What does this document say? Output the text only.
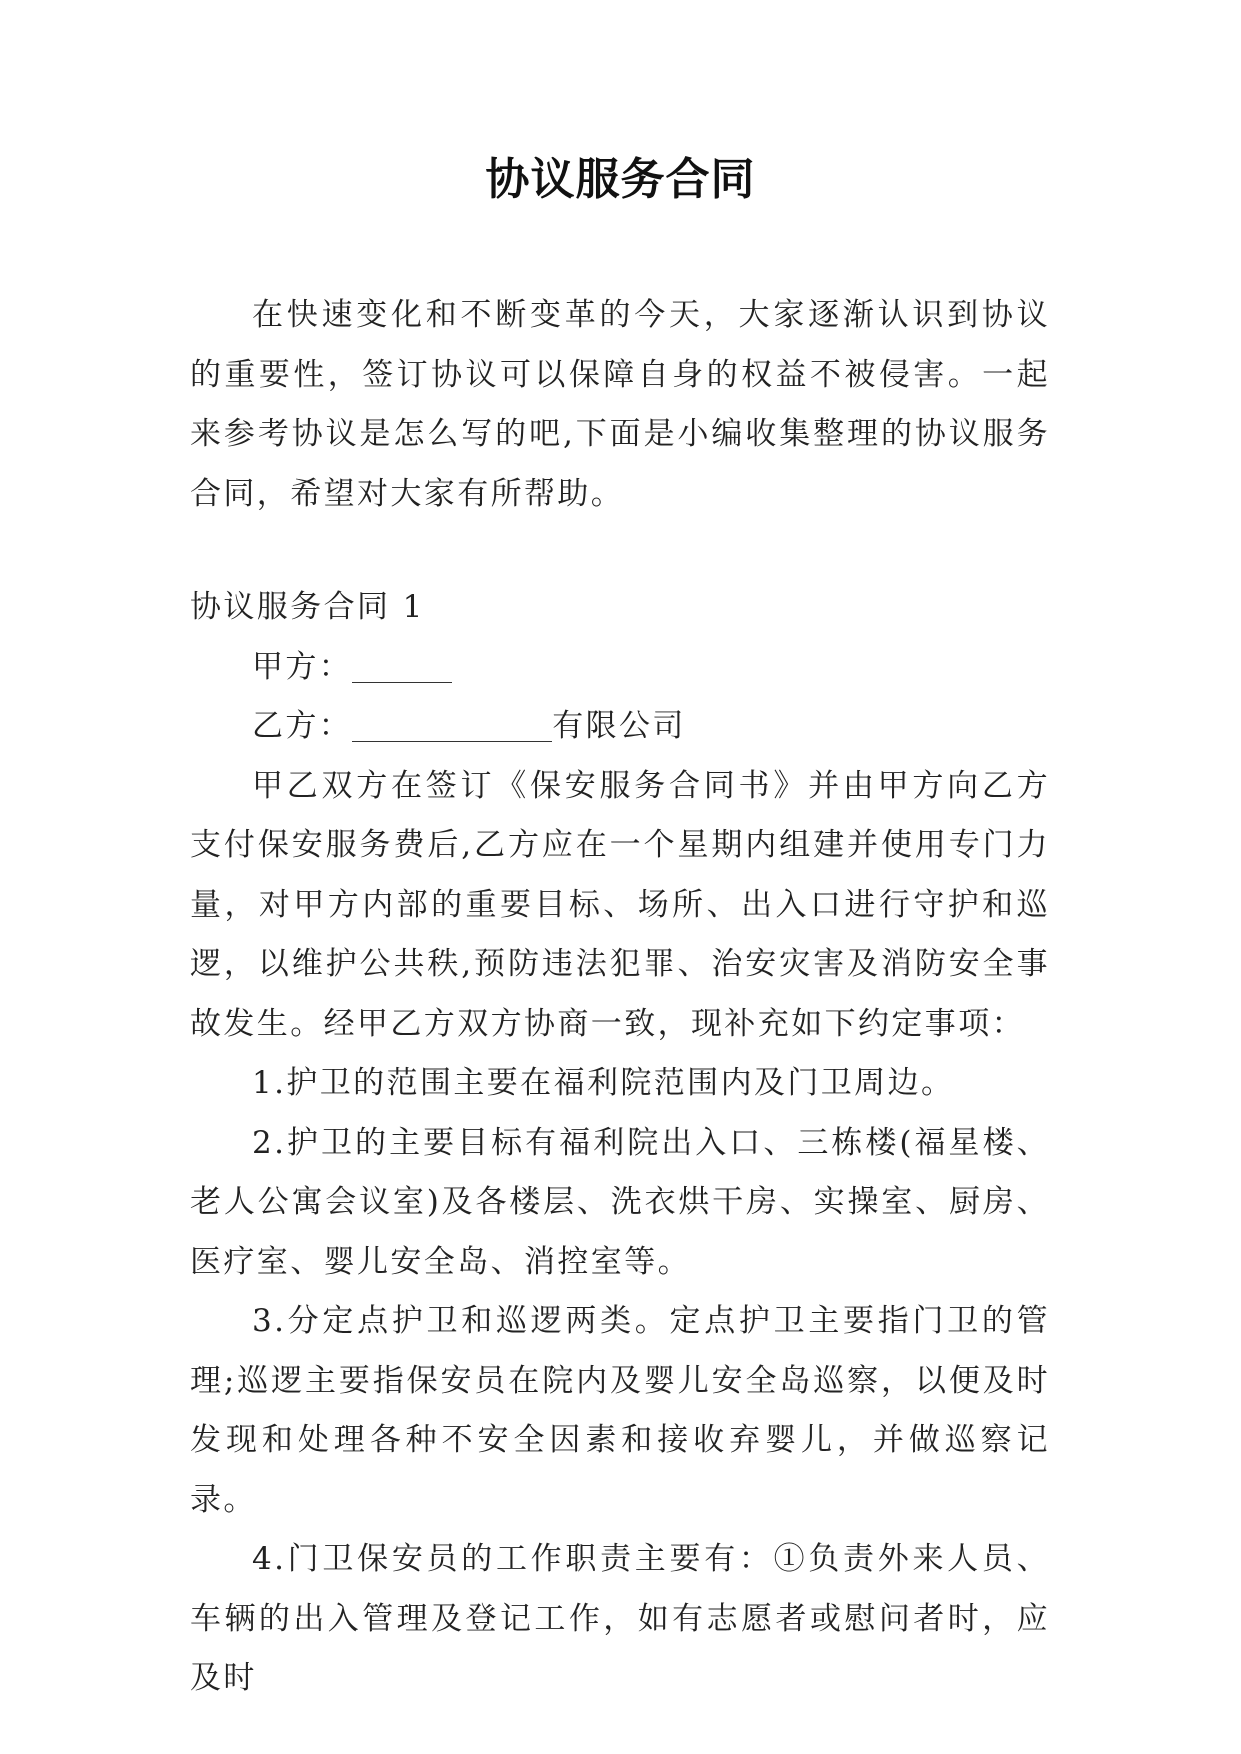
协议服务合同

在快速变化和不断变革的今天，大家逐渐认识到协议的重要性，签订协议可以保障自身的权益不被侵害。一起来参考协议是怎么写的吧,下面是小编收集整理的协议服务合同，希望对大家有所帮助。

协议服务合同 1

甲方：

乙方：	有限公司

甲乙双方在签订《保安服务合同书》并由甲方向乙方支付保安服务费后,乙方应在一个星期内组建并使用专门力量，对甲方内部的重要目标、场所、出入口进行守护和巡逻，以维护公共秩,预防违法犯罪、治安灾害及消防安全事故发生。经甲乙方双方协商一致，现补充如下约定事项：

1.护卫的范围主要在福利院范围内及门卫周边。

2.护卫的主要目标有福利院出入口、三栋楼(福星楼、老人公寓会议室)及各楼层、洗衣烘干房、实操室、厨房、医疗室、婴儿安全岛、消控室等。

3.分定点护卫和巡逻两类。定点护卫主要指门卫的管理;巡逻主要指保安员在院内及婴儿安全岛巡察，以便及时发现和处理各种不安全因素和接收弃婴儿，并做巡察记录。

4.门卫保安员的工作职责主要有：①负责外来人员、车辆的出入管理及登记工作，如有志愿者或慰问者时，应及时
